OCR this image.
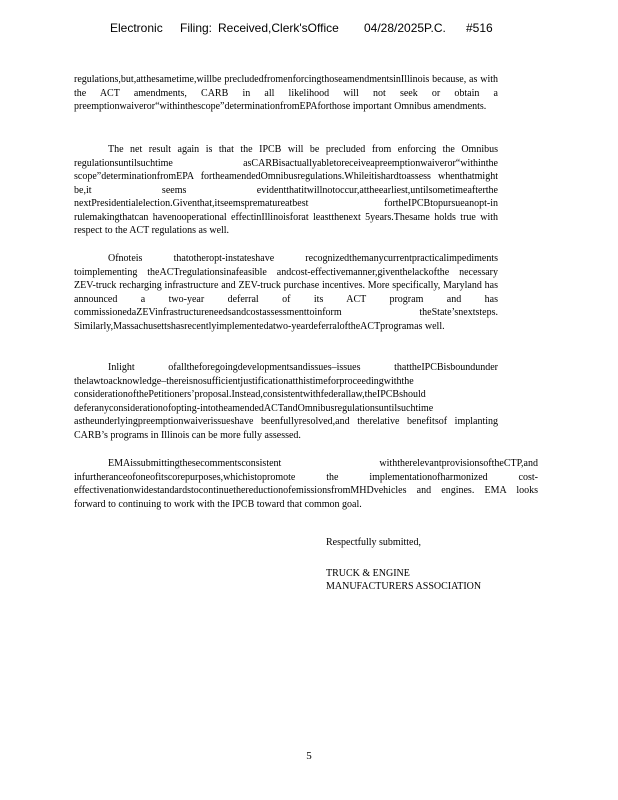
Electronic Filing: Received,Clerk'sOffice 04/28/2025P.C. #516

regulations,but,atthesametime,willbe precludedfromenforcingthoseamendmentsinIllinois because, as with the ACT amendments, CARB in all likelihood will not seek or obtain a preemptionwaiveror“withinthescope”determinationfromEPAforthose important Omnibus amendments.

The net result again is that the IPCB will be precluded from enforcing the Omnibus regulationsuntilsuchtime asCARBisactuallyabletoreceiveapreemptionwaiveror“withinthe scope”determinationfromEPA fortheamendedOmnibusregulations.Whileitishardtoassess whenthatmight be,it seems evidentthatitwillnotoccur,attheearliest,untilsometimeafterthe nextPresidentialelection.Giventhat,itseemsprematureatbest fortheIPCBtopursueanopt-in rulemakingthatcan havenooperational effectinIllinoisforat leastthenext 5years.Thesame holds true with respect to the ACT regulations as well.

Ofnoteis thatotheropt-instateshave recognizedthemanycurrentpracticalimpediments toimplementing theACTregulationsinafeasible andcost-effectivemanner,giventhelackofthe necessary ZEV-truck recharging infrastructure and ZEV-truck purchase incentives. More specifically, Maryland has announced a two-year deferral of its ACT program and has commissionedaZEVinfrastructureneedsandcostassessmenttoinform theState’snextsteps. Similarly,Massachusettshasrecentlyimplementedatwo-yeardeferraloftheACTprogramas well.

Inlight ofalltheforegoingdevelopmentsandissues–issues thattheIPCBisboundunder thelawtoacknowledge–thereisnosufficientjustificationatthistimeforproceedingwiththe considerationofthePetitioners’proposal.Instead,consistentwithfederallaw,theIPCBshould deferanyconsiderationofopting-intotheamendedACTandOmnibusregulationsuntilsuchtime astheunderlyingpreemptionwaiverissueshave beenfullyresolved,and therelative benefitsof implanting CARB’s programs in Illinois can be more fully assessed.

EMAissubmittingthesecommentsconsistent withtherelevantprovisionsoftheCTP,and infurtheranceofoneofitscorepurposes,whichistopromote the implementationofharmonized cost-effectivenationwidestandardstocontinuethereductionofemissionsfromMHDvehicles and engines. EMA looks forward to continuing to work with the IPCB toward that common goal.

Respectfully submitted,
TRUCK & ENGINE
MANUFACTURERS ASSOCIATION
5
